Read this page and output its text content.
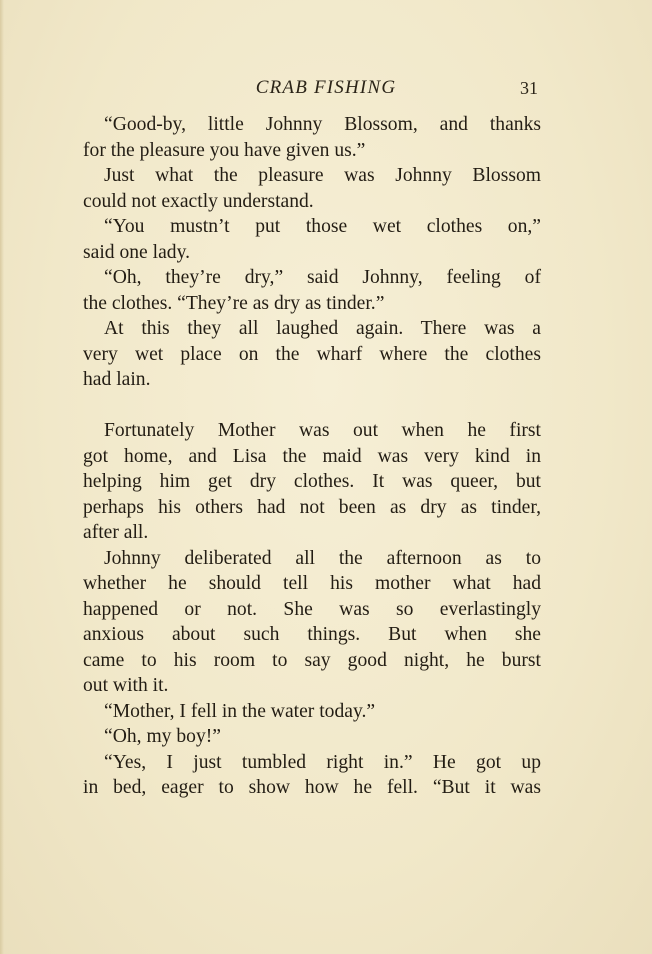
CRAB FISHING	31
“Good-by, little Johnny Blossom, and thanks
for the pleasure you have given us.”
Just what the pleasure was Johnny Blossom
could not exactly understand.
“You mustn’t put those wet clothes on,”
said one lady.
“Oh, they’re dry,” said Johnny, feeling of
the clothes. “They’re as dry as tinder.”
At this they all laughed again. There was a
very wet place on the wharf where the clothes
had lain.
Fortunately Mother was out when he first
got home, and Lisa the maid was very kind in
helping him get dry clothes. It was queer, but
perhaps his others had not been as dry as tinder,
after all.
Johnny deliberated all the afternoon as to
whether he should tell his mother what had
happened or not. She was so everlastingly
anxious about such things. But when she
came to his room to say good night, he burst
out with it.
“Mother, I fell in the water today.”
“Oh, my boy!”
“Yes, I just tumbled right in.” He got up
in bed, eager to show how he fell. “But it was
